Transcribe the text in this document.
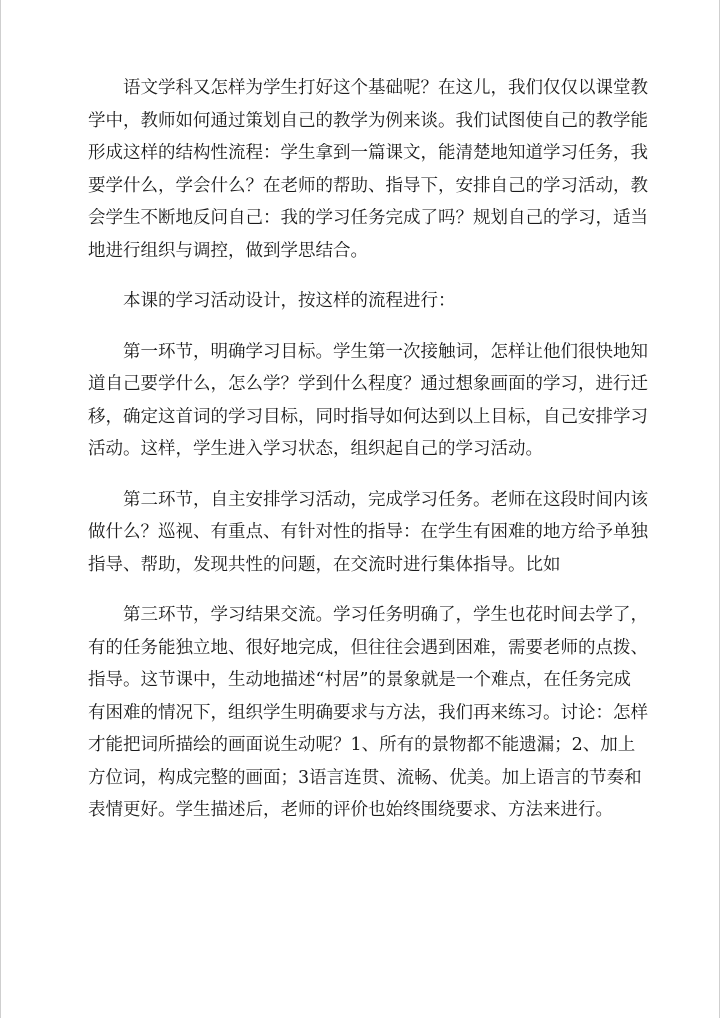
语文学科又怎样为学生打好这个基础呢？在这儿，我们仅仅以课堂教学中，教师如何通过策划自己的教学为例来谈。我们试图使自己的教学能形成这样的结构性流程：学生拿到一篇课文，能清楚地知道学习任务，我要学什么，学会什么？在老师的帮助、指导下，安排自己的学习活动，教会学生不断地反问自己：我的学习任务完成了吗？规划自己的学习，适当地进行组织与调控，做到学思结合。

本课的学习活动设计，按这样的流程进行：

第一环节，明确学习目标。学生第一次接触词，怎样让他们很快地知道自己要学什么，怎么学？学到什么程度？通过想象画面的学习，进行迁移，确定这首词的学习目标，同时指导如何达到以上目标，自己安排学习活动。这样，学生进入学习状态，组织起自己的学习活动。

第二环节，自主安排学习活动，完成学习任务。老师在这段时间内该做什么？巡视、有重点、有针对性的指导：在学生有困难的地方给予单独指导、帮助，发现共性的问题，在交流时进行集体指导。比如

第三环节，学习结果交流。学习任务明确了，学生也花时间去学了，有的任务能独立地、很好地完成，但往往会遇到困难，需要老师的点拨、指导。这节课中，生动地描述“村居”的景象就是一个难点，在任务完成有困难的情况下，组织学生明确要求与方法，我们再来练习。讨论：怎样才能把词所描绘的画面说生动呢？1、所有的景物都不能遗漏；2、加上方位词，构成完整的画面；3语言连贯、流畅、优美。加上语言的节奏和表情更好。学生描述后，老师的评价也始终围绕要求、方法来进行。
